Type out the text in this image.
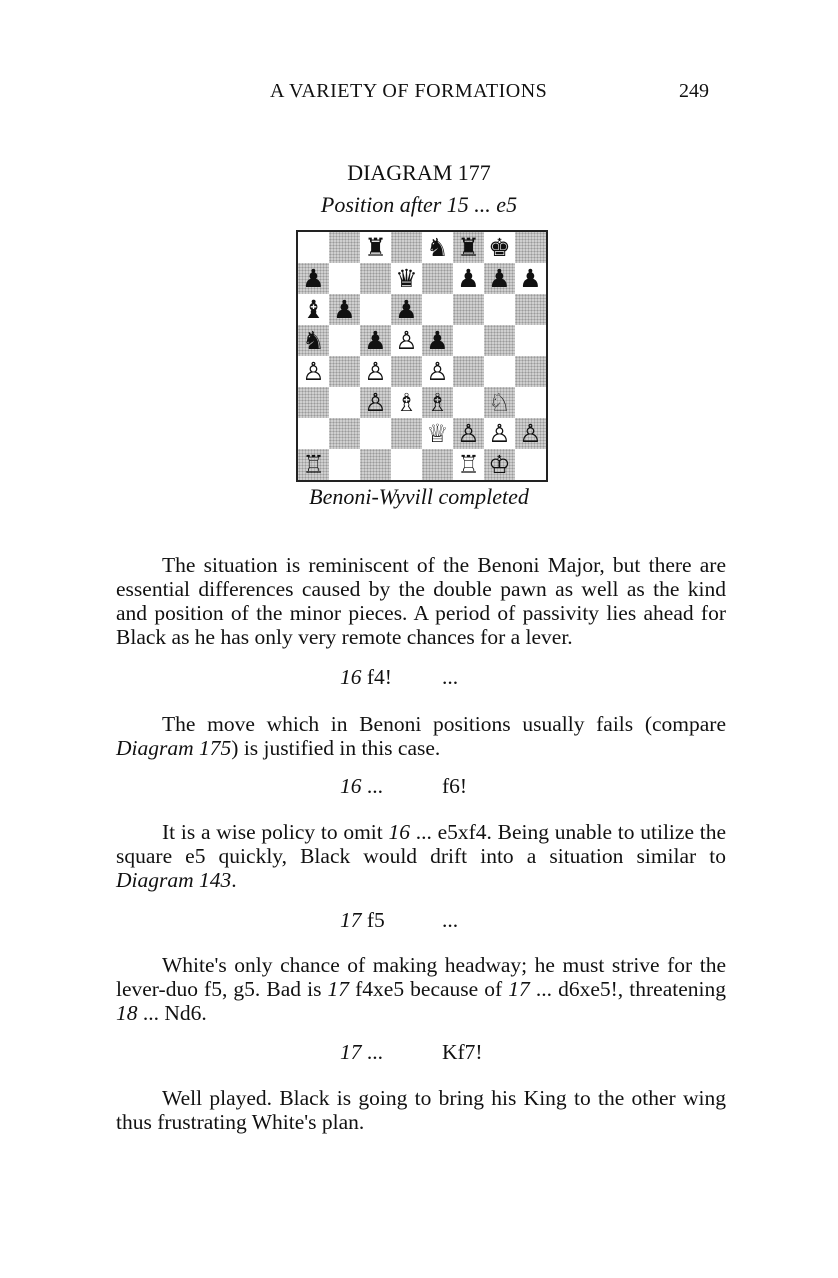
A VARIETY OF FORMATIONS	249
DIAGRAM 177
Position after 15 ... e5
♜ ♞ ♜ ♚
♟	♛ ♟ ♟ ♟
♝ ♟ ♟
♞ ♟ ♙ ♟
♙ ♙ ♙
♙ ♗ ♗ ♘
♕ ♙ ♙ ♙
♖	♖ ♔
Benoni-Wyvill completed

The situation is reminiscent of the Benoni Major, but there are essential differences caused by the double pawn as well as the kind and position of the minor pieces. A period of passivity lies ahead for Black as he has only very remote chances for a lever.

16 f4! ...

The move which in Benoni positions usually fails (compare Diagram 175) is justified in this case.

16 ...	f6!

It is a wise policy to omit 16 ... e5xf4. Being unable to utilize the square e5 quickly, Black would drift into a situation similar to Diagram 143.

17 f5	...

White's only chance of making headway; he must strive for the lever-duo f5, g5. Bad is 17 f4xe5 because of 17 ... d6xe5!, threatening 18 ... Nd6.

17 ...	Kf7!

Well played. Black is going to bring his King to the other wing thus frustrating White's plan.
